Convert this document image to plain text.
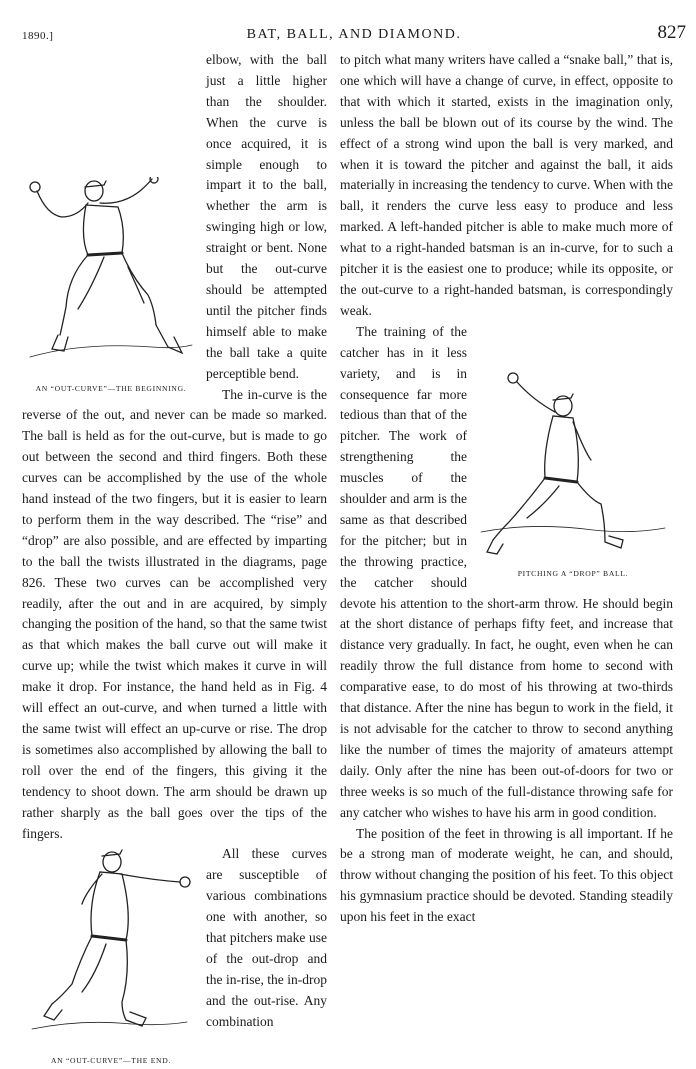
1890.]	BAT, BALL, AND DIAMOND.	827
AN “OUT-CURVE”—THE BEGINNING.

elbow, with the ball just a little higher than the shoulder. When the curve is once acquired, it is simple enough to impart it to the ball, whether the arm is swinging high or low, straight or bent. None but the out-curve should be attempted until the pitcher finds himself able to make the ball take a quite perceptible bend.

The in-curve is the reverse of the out, and never can be made so marked. The ball is held as for the out-curve, but is made to go out between the second and third fingers. Both these curves can be accomplished by the use of the whole hand instead of the two fingers, but it is easier to learn to perform them in the way described. The “rise” and “drop” are also possible, and are effected by imparting to the ball the twists illustrated in the diagrams, page 826. These two curves can be accomplished very readily, after the out and in are acquired, by simply changing the position of the hand, so that the same twist as that which makes the ball curve out will make it curve up; while the twist which makes it curve in will make it drop. For instance, the hand held as in Fig. 4 will effect an out-curve, and when turned a little with the same twist will effect an up-curve or rise. The drop is sometimes also accomplished by allowing the ball to roll over the end of the fingers, this giving it the tendency to shoot down. The arm should be drawn up rather sharply as the ball goes over the tips of the fingers.

AN “OUT-CURVE”—THE END.

All these curves are susceptible of various combinations one with another, so that pitchers make use of the out-drop and the in-rise, the in-drop and the out-rise. Any combination

to pitch what many writers have called a “snake ball,” that is, one which will have a change of curve, in effect, opposite to that with which it started, exists in the imagination only, unless the ball be blown out of its course by the wind. The effect of a strong wind upon the ball is very marked, and when it is toward the pitcher and against the ball, it aids materially in increasing the tendency to curve. When with the ball, it renders the curve less easy to produce and less marked. A left-handed pitcher is able to make much more of what to a right-handed batsman is an in-curve, for to such a pitcher it is the easiest one to produce; while its opposite, or the out-curve to a right-handed batsman, is correspondingly weak.

PITCHING A “DROP” BALL.

The training of the catcher has in it less variety, and is in consequence far more tedious than that of the pitcher. The work of strengthening the muscles of the shoulder and arm is the same as that described for the pitcher; but in the throwing practice, the catcher should devote his attention to the short-arm throw. He should begin at the short distance of perhaps fifty feet, and increase that distance very gradually. In fact, he ought, even when he can readily throw the full distance from home to second with comparative ease, to do most of his throwing at two-thirds that distance. After the nine has begun to work in the field, it is not advisable for the catcher to throw to second anything like the number of times the majority of amateurs attempt daily. Only after the nine has been out-of-doors for two or three weeks is so much of the full-distance throwing safe for any catcher who wishes to have his arm in good condition.

The position of the feet in throwing is all important. If he be a strong man of moderate weight, he can, and should, throw without changing the position of his feet. To this object his gymnasium practice should be devoted. Standing steadily upon his feet in the exact
